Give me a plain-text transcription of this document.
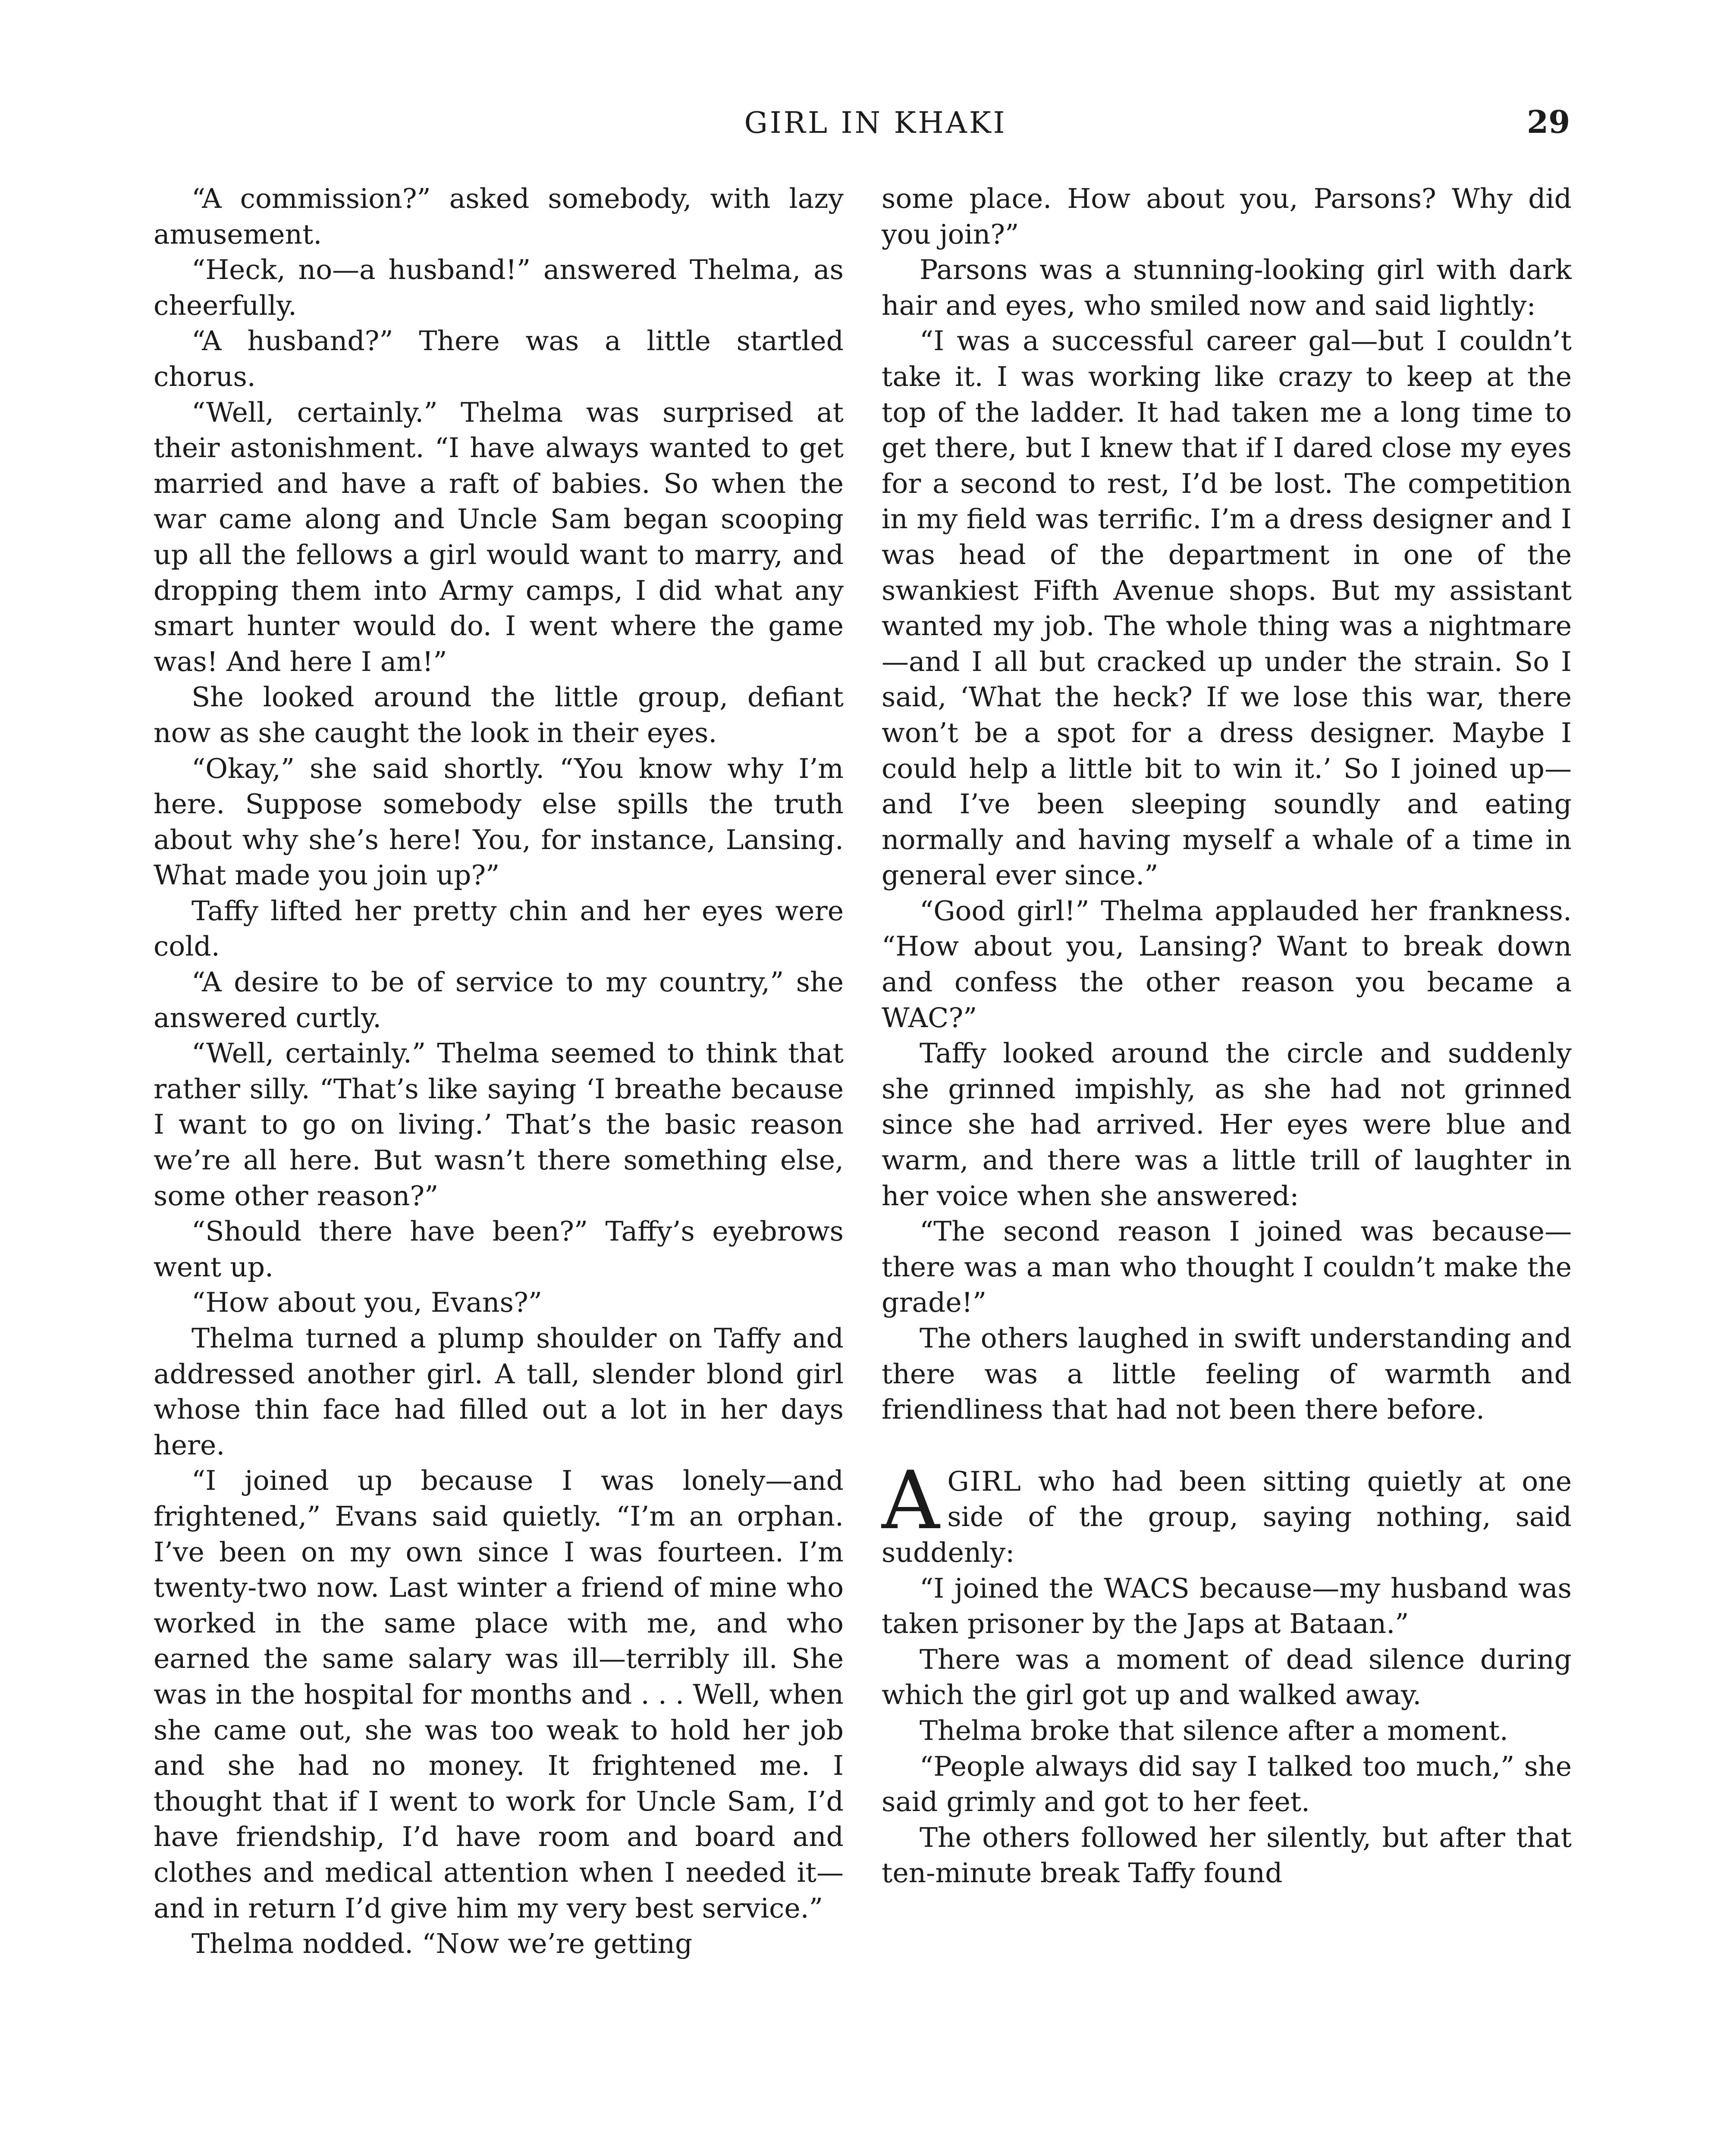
GIRL IN KHAKI	29

“A commission?” asked somebody, with lazy amusement.

“Heck, no—a husband!” answered Thelma, as cheerfully.

“A husband?” There was a little startled chorus.

“Well, certainly.” Thelma was surprised at their astonishment. “I have always wanted to get married and have a raft of babies. So when the war came along and Uncle Sam began scooping up all the fellows a girl would want to marry, and dropping them into Army camps, I did what any smart hunter would do. I went where the game was! And here I am!”

She looked around the little group, defiant now as she caught the look in their eyes.

“Okay,” she said shortly. “You know why I’m here. Suppose somebody else spills the truth about why she’s here! You, for instance, Lansing. What made you join up?”

Taffy lifted her pretty chin and her eyes were cold.

“A desire to be of service to my country,” she answered curtly.

“Well, certainly.” Thelma seemed to think that rather silly. “That’s like saying ‘I breathe because I want to go on living.’ That’s the basic reason we’re all here. But wasn’t there something else, some other reason?”

“Should there have been?” Taffy’s eyebrows went up.

“How about you, Evans?”

Thelma turned a plump shoulder on Taffy and addressed another girl. A tall, slender blond girl whose thin face had filled out a lot in her days here.

“I joined up because I was lonely—and frightened,” Evans said quietly. “I’m an orphan. I’ve been on my own since I was fourteen. I’m twenty-two now. Last winter a friend of mine who worked in the same place with me, and who earned the same salary was ill—terribly ill. She was in the hospital for months and . . . Well, when she came out, she was too weak to hold her job and she had no money. It frightened me. I thought that if I went to work for Uncle Sam, I’d have friendship, I’d have room and board and clothes and medical attention when I needed it—and in return I’d give him my very best service.”

Thelma nodded. “Now we’re getting

some place. How about you, Parsons? Why did you join?”

Parsons was a stunning-looking girl with dark hair and eyes, who smiled now and said lightly:

“I was a successful career gal—but I couldn’t take it. I was working like crazy to keep at the top of the ladder. It had taken me a long time to get there, but I knew that if I dared close my eyes for a second to rest, I’d be lost. The competition in my field was terrific. I’m a dress designer and I was head of the department in one of the swankiest Fifth Avenue shops. But my assistant wanted my job. The whole thing was a nightmare—and I all but cracked up under the strain. So I said, ‘What the heck? If we lose this war, there won’t be a spot for a dress designer. Maybe I could help a little bit to win it.’ So I joined up—and I’ve been sleeping soundly and eating normally and having myself a whale of a time in general ever since.”

“Good girl!” Thelma applauded her frankness. “How about you, Lansing? Want to break down and confess the other reason you became a WAC?”

Taffy looked around the circle and suddenly she grinned impishly, as she had not grinned since she had arrived. Her eyes were blue and warm, and there was a little trill of laughter in her voice when she answered:

“The second reason I joined was because—there was a man who thought I couldn’t make the grade!”

The others laughed in swift understanding and there was a little feeling of warmth and friendliness that had not been there before.

AGIRL who had been sitting quietly at one side of the group, saying nothing, said suddenly:

“I joined the WACS because—my husband was taken prisoner by the Japs at Bataan.”

There was a moment of dead silence during which the girl got up and walked away.

Thelma broke that silence after a moment.

“People always did say I talked too much,” she said grimly and got to her feet.

The others followed her silently, but after that ten-minute break Taffy found
